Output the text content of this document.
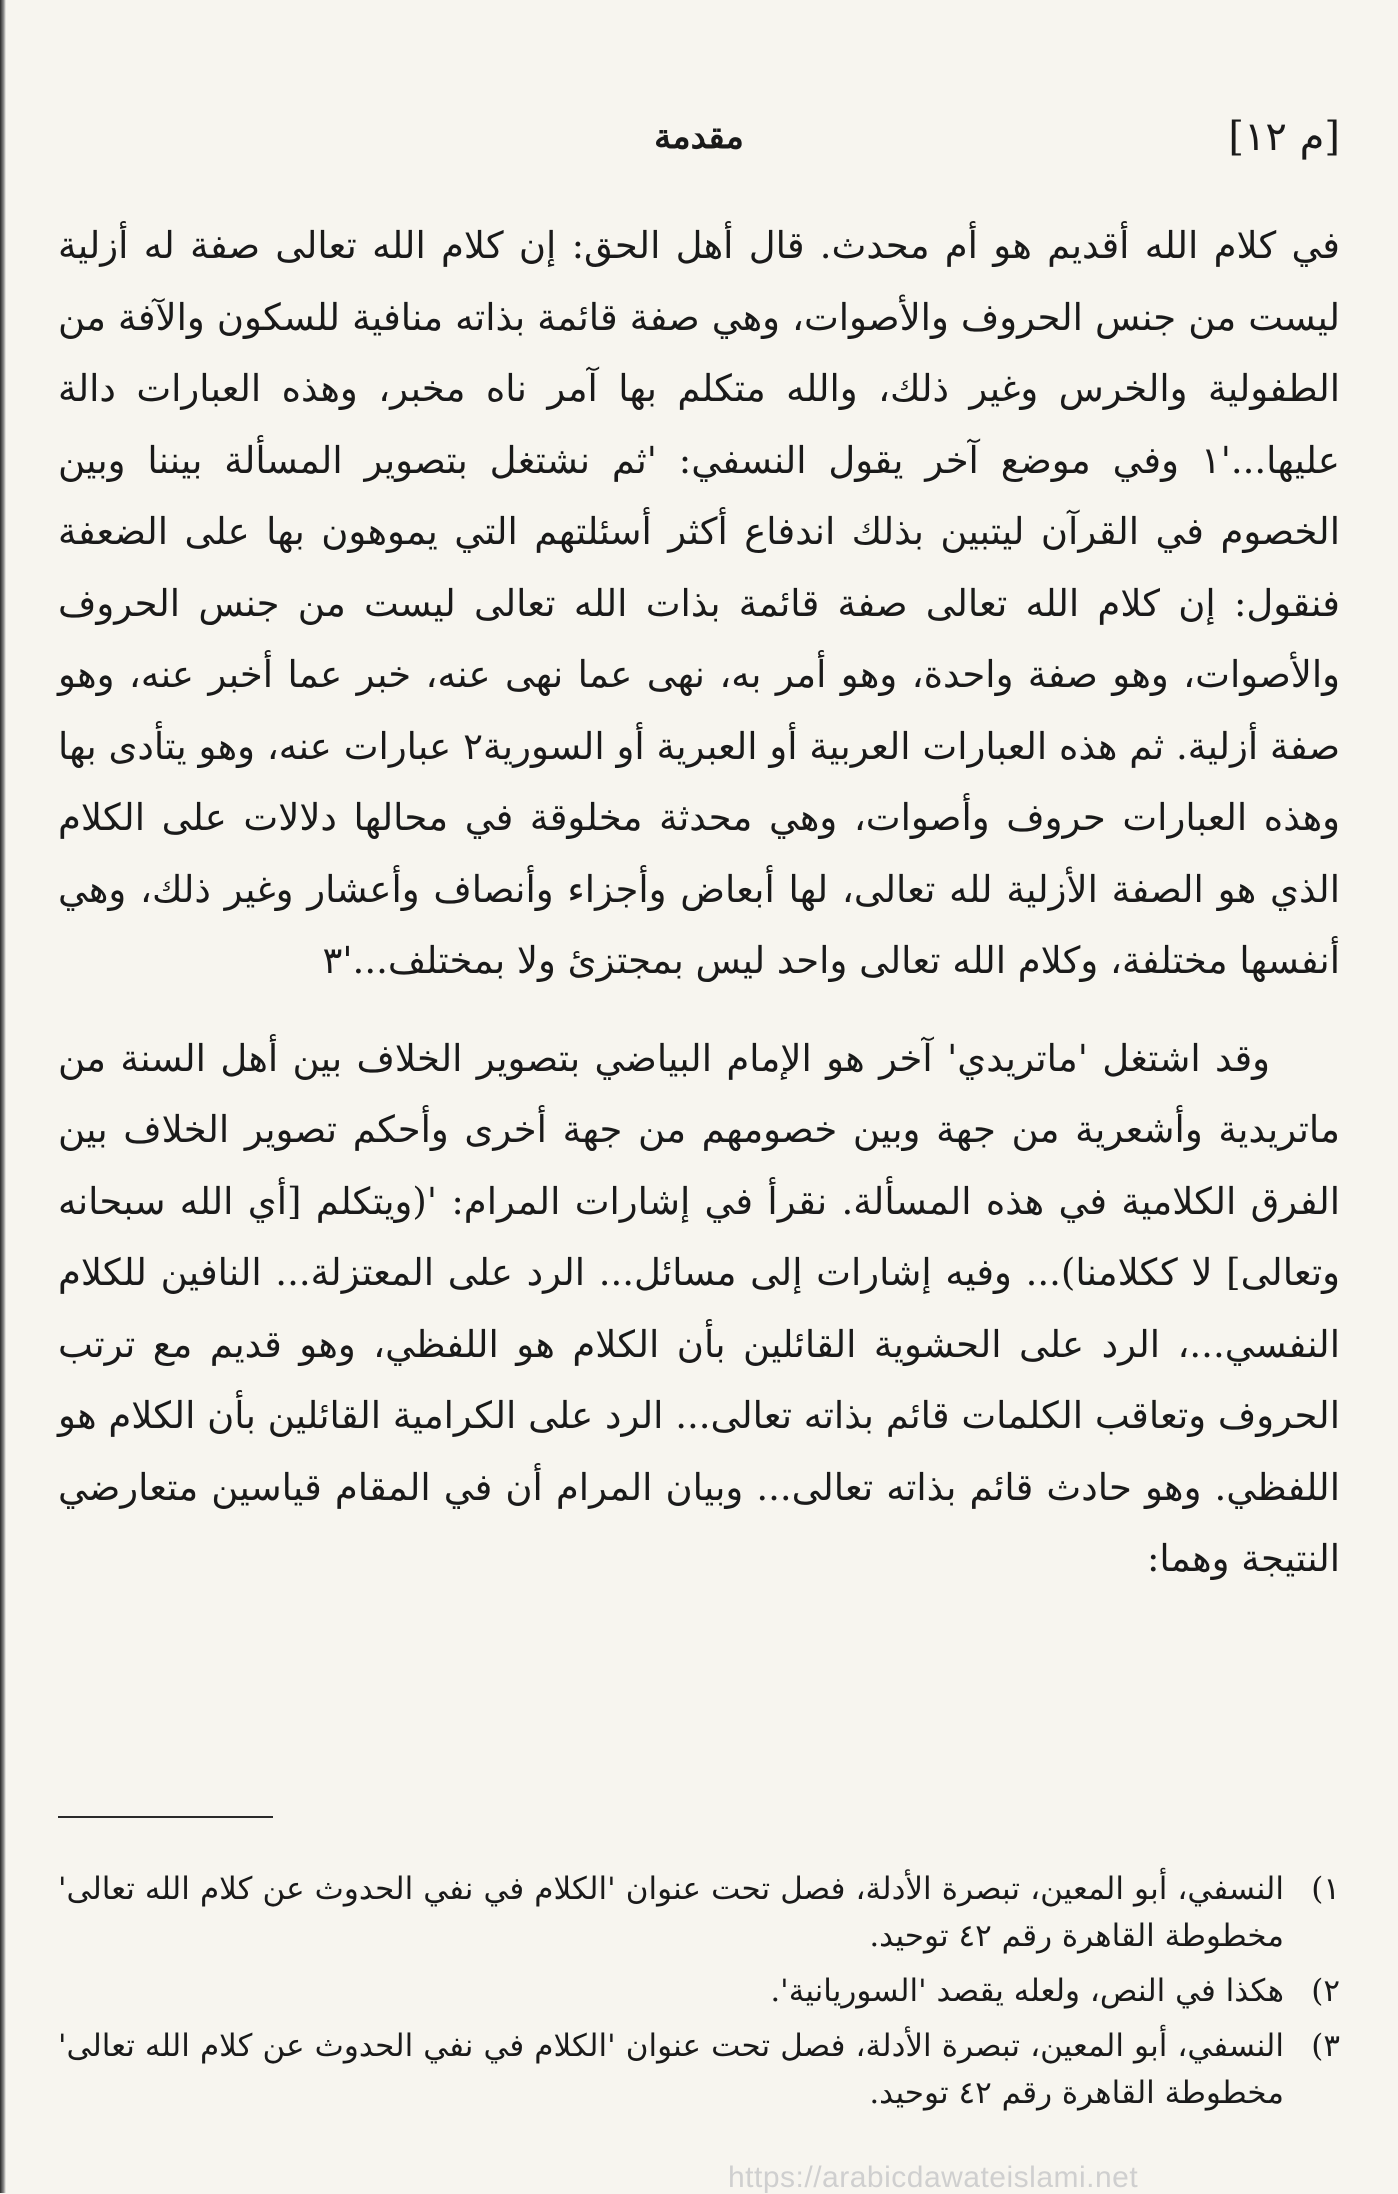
[م ١٢]
مقدمة

في كلام الله أقديم هو أم محدث. قال أهل الحق: إن كلام الله تعالى صفة له أزلية ليست من جنس الحروف والأصوات، وهي صفة قائمة بذاته منافية للسكون والآفة من الطفولية والخرس وغير ذلك، والله متكلم بها آمر ناه مخبر، وهذه العبارات دالة عليها...'١ وفي موضع آخر يقول النسفي: 'ثم نشتغل بتصوير المسألة بيننا وبين الخصوم في القرآن ليتبين بذلك اندفاع أكثر أسئلتهم التي يموهون بها على الضعفة فنقول: إن كلام الله تعالى صفة قائمة بذات الله تعالى ليست من جنس الحروف والأصوات، وهو صفة واحدة، وهو أمر به، نهى عما نهى عنه، خبر عما أخبر عنه، وهو صفة أزلية. ثم هذه العبارات العربية أو العبرية أو السورية٢ عبارات عنه، وهو يتأدى بها وهذه العبارات حروف وأصوات، وهي محدثة مخلوقة في محالها دلالات على الكلام الذي هو الصفة الأزلية لله تعالى، لها أبعاض وأجزاء وأنصاف وأعشار وغير ذلك، وهي أنفسها مختلفة، وكلام الله تعالى واحد ليس بمجتزئ ولا بمختلف...'٣

وقد اشتغل 'ماتريدي' آخر هو الإمام البياضي بتصوير الخلاف بين أهل السنة من ماتريدية وأشعرية من جهة وبين خصومهم من جهة أخرى وأحكم تصوير الخلاف بين الفرق الكلامية في هذه المسألة. نقرأ في إشارات المرام: '(ويتكلم [أي الله سبحانه وتعالى] لا ككلامنا)... وفيه إشارات إلى مسائل... الرد على المعتزلة... النافين للكلام النفسي...، الرد على الحشوية القائلين بأن الكلام هو اللفظي، وهو قديم مع ترتب الحروف وتعاقب الكلمات قائم بذاته تعالى... الرد على الكرامية القائلين بأن الكلام هو اللفظي. وهو حادث قائم بذاته تعالى... وبيان المرام أن في المقام قياسين متعارضي النتيجة وهما:

١)
النسفي، أبو المعين، تبصرة الأدلة، فصل تحت عنوان 'الكلام في نفي الحدوث عن كلام الله تعالى' مخطوطة القاهرة رقم ٤٢ توحيد.
٢)
هكذا في النص، ولعله يقصد 'السوريانية'.
٣)
النسفي، أبو المعين، تبصرة الأدلة، فصل تحت عنوان 'الكلام في نفي الحدوث عن كلام الله تعالى' مخطوطة القاهرة رقم ٤٢ توحيد.
https://arabicdawateislami.net
